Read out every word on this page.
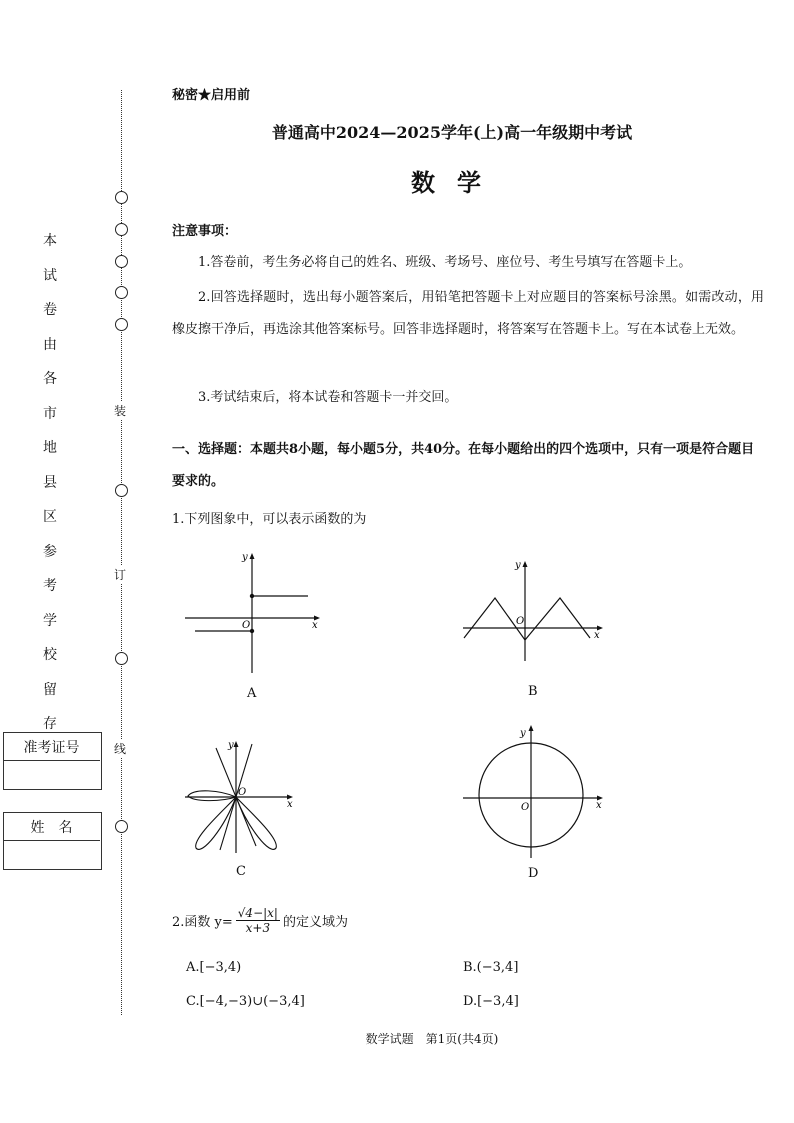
装
订
线
本
试
卷
由
各
市
地
县
区
参
考
学
校
留
存
准考证号
姓　名
秘密★启用前
普通高中2024—2025学年(上)高一年级期中考试
数学
注意事项：
1.答卷前，考生务必将自己的姓名、班级、考场号、座位号、考生号填写在答题卡上。
2.回答选择题时，选出每小题答案后，用铅笔把答题卡上对应题目的答案标号涂黑。如需改动，用橡皮擦干净后，再选涂其他答案标号。回答非选择题时，将答案写在答题卡上。写在本试卷上无效。
3.考试结束后，将本试卷和答题卡一并交回。
一、选择题：本题共8小题，每小题5分，共40分。在每小题给出的四个选项中，只有一项是符合题目要求的。
1.下列图象中，可以表示函数的为
x
y
O
A
x
y
O
B
x
y
O
C
x
y
O
D
2.函数 $y= \frac{√4-|x|}{x+3}$ 的定义域为
A.[−3,4)	B.(−3,4]
C.[−4,−3)∪(−3,4]	D.[−3,4]
数学试题　第1页(共4页)
